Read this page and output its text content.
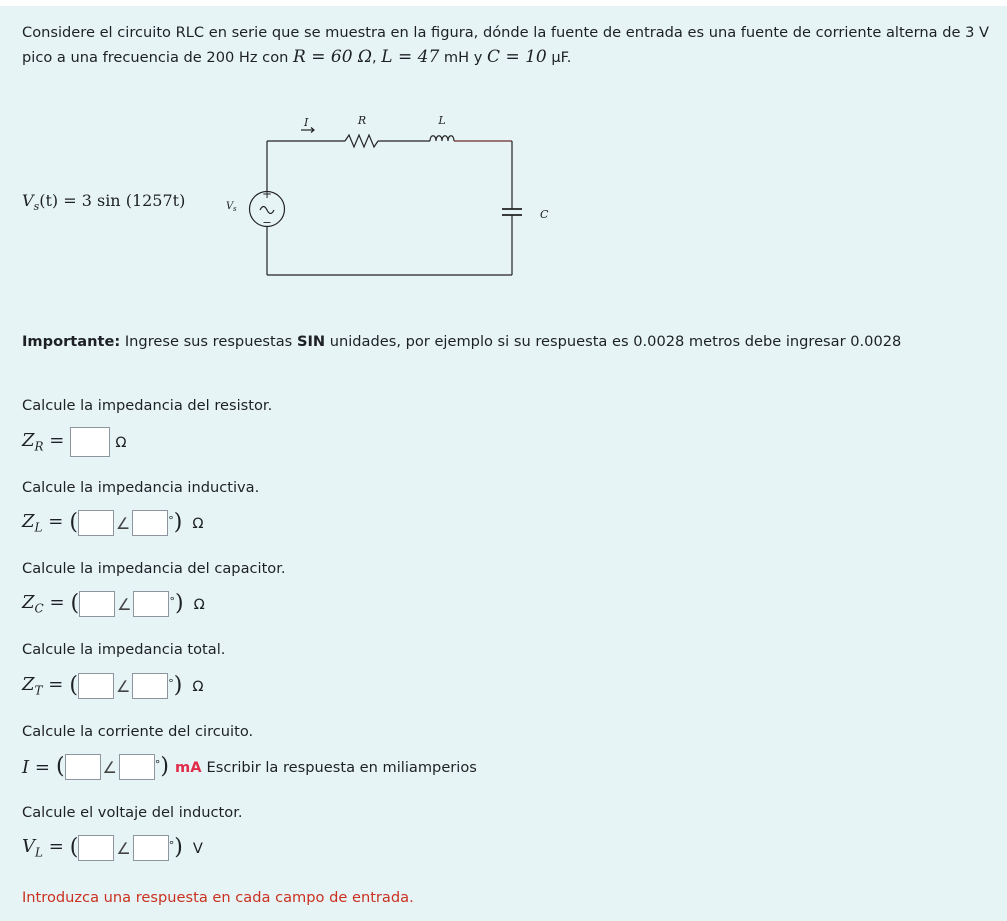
Considere el circuito RLC en serie que se muestra en la figura, dónde la fuente de entrada es una fuente de corriente alterna de 3 V pico a una frecuencia de 200 Hz con R = 60 Ω, L = 47 mH y C = 10 μF.
$V_s(t) = 3$ sin (1257t)	+
−
I	R	L
C
V s
Importante: Ingrese sus respuestas SIN unidades, por ejemplo si su respuesta es 0.0028 metros debe ingresar 0.0028
Calcule la impedancia del resistor.
$Z_R$ =	Ω
Calcule la impedancia inductiva.
$Z_L$ = ( ∠	° ) Ω
Calcule la impedancia del capacitor.
$Z_C$ = ( ∠	° ) Ω
Calcule la impedancia total.
$Z_T$ = ( ∠	° ) Ω
Calcule la corriente del circuito.
I = ( ∠	° ) mA Escribir la respuesta en miliamperios
Calcule el voltaje del inductor.
$V_L$ = ( ∠	° ) V
Introduzca una respuesta en cada campo de entrada.
